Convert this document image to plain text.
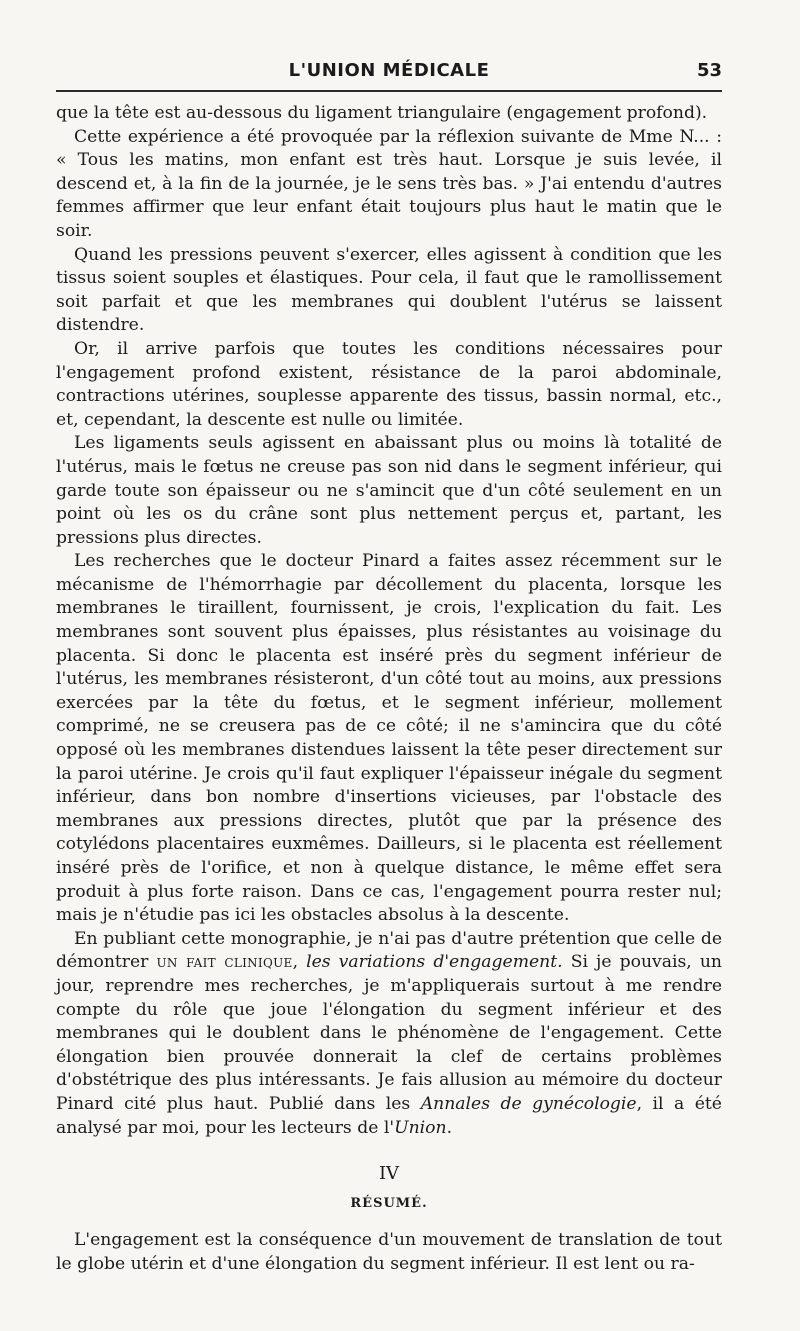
L'UNION MÉDICALE	53

que la tête est au-dessous du ligament triangulaire (engagement profond).

Cette expérience a été provoquée par la réflexion suivante de Mme N... : « Tous les matins, mon enfant est très haut. Lorsque je suis levée, il descend et, à la fin de la journée, je le sens très bas. » J'ai entendu d'autres femmes affirmer que leur enfant était toujours plus haut le matin que le soir.

Quand les pressions peuvent s'exercer, elles agissent à condition que les tissus soient souples et élastiques. Pour cela, il faut que le ramollissement soit parfait et que les membranes qui doublent l'utérus se laissent distendre.

Or, il arrive parfois que toutes les conditions nécessaires pour l'engagement profond existent, résistance de la paroi abdominale, contractions utérines, souplesse apparente des tissus, bassin normal, etc., et, cependant, la descente est nulle ou limitée.

Les ligaments seuls agissent en abaissant plus ou moins là totalité de l'utérus, mais le fœtus ne creuse pas son nid dans le segment inférieur, qui garde toute son épaisseur ou ne s'amincit que d'un côté seulement en un point où les os du crâne sont plus nettement perçus et, partant, les pressions plus directes.

Les recherches que le docteur Pinard a faites assez récemment sur le mécanisme de l'hémorrhagie par décollement du placenta, lorsque les membranes le tiraillent, fournissent, je crois, l'explication du fait. Les membranes sont souvent plus épaisses, plus résistantes au voisinage du placenta. Si donc le placenta est inséré près du segment inférieur de l'utérus, les membranes résisteront, d'un côté tout au moins, aux pressions exercées par la tête du fœtus, et le segment inférieur, mollement comprimé, ne se creusera pas de ce côté; il ne s'amincira que du côté opposé où les membranes distendues laissent la tête peser directement sur la paroi utérine. Je crois qu'il faut expliquer l'épaisseur inégale du segment inférieur, dans bon nombre d'insertions vicieuses, par l'obstacle des membranes aux pressions directes, plutôt que par la présence des cotylédons placentaires euxmêmes. Dailleurs, si le placenta est réellement inséré près de l'orifice, et non à quelque distance, le même effet sera produit à plus forte raison. Dans ce cas, l'engagement pourra rester nul; mais je n'étudie pas ici les obstacles absolus à la descente.

En publiant cette monographie, je n'ai pas d'autre prétention que celle de démontrer un fait clinique, les variations d'engagement. Si je pouvais, un jour, reprendre mes recherches, je m'appliquerais surtout à me rendre compte du rôle que joue l'élongation du segment inférieur et des membranes qui le doublent dans le phénomène de l'engagement. Cette élongation bien prouvée donnerait la clef de certains problèmes d'obstétrique des plus intéressants. Je fais allusion au mémoire du docteur Pinard cité plus haut. Publié dans les Annales de gynécologie, il a été analysé par moi, pour les lecteurs de l'Union.

IV
RÉSUMÉ.

L'engagement est la conséquence d'un mouvement de translation de tout le globe utérin et d'une élongation du segment inférieur. Il est lent ou ra-
